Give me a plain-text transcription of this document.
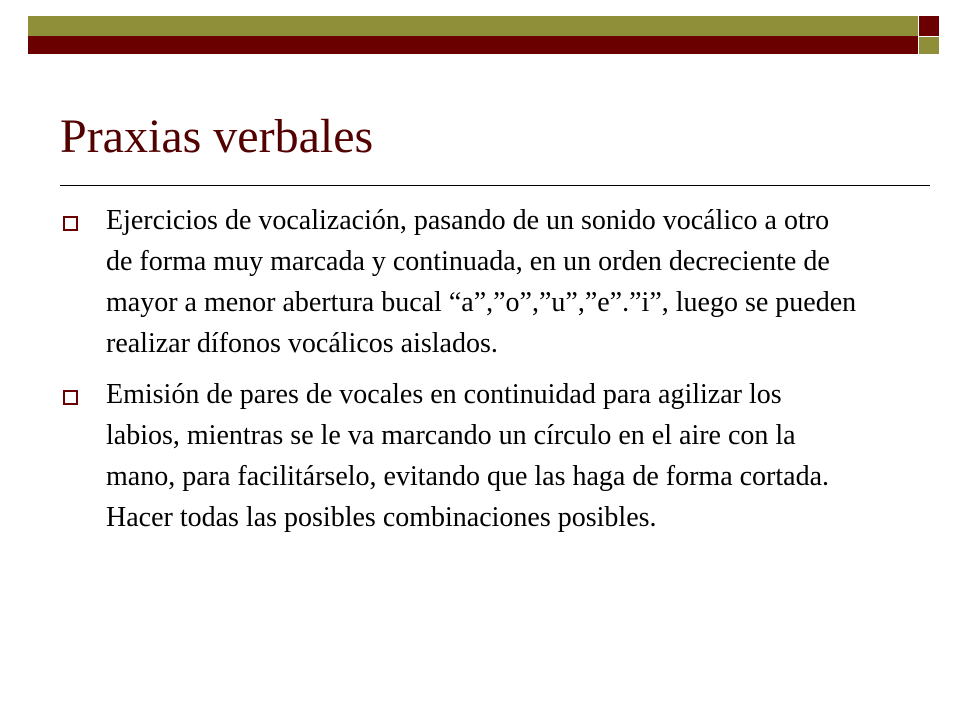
Praxias verbales
Ejercicios de vocalización, pasando de un sonido vocálico a otro de forma muy marcada y continuada, en un orden decreciente de mayor a menor abertura bucal “a”,”o”,”u”,”e”.”i”, luego se pueden realizar dífonos vocálicos aislados.
Emisión de pares de vocales en continuidad para agilizar los labios, mientras se le va marcando un círculo en el aire con la mano, para facilitárselo, evitando que las haga de forma cortada. Hacer todas las posibles combinaciones posibles.
